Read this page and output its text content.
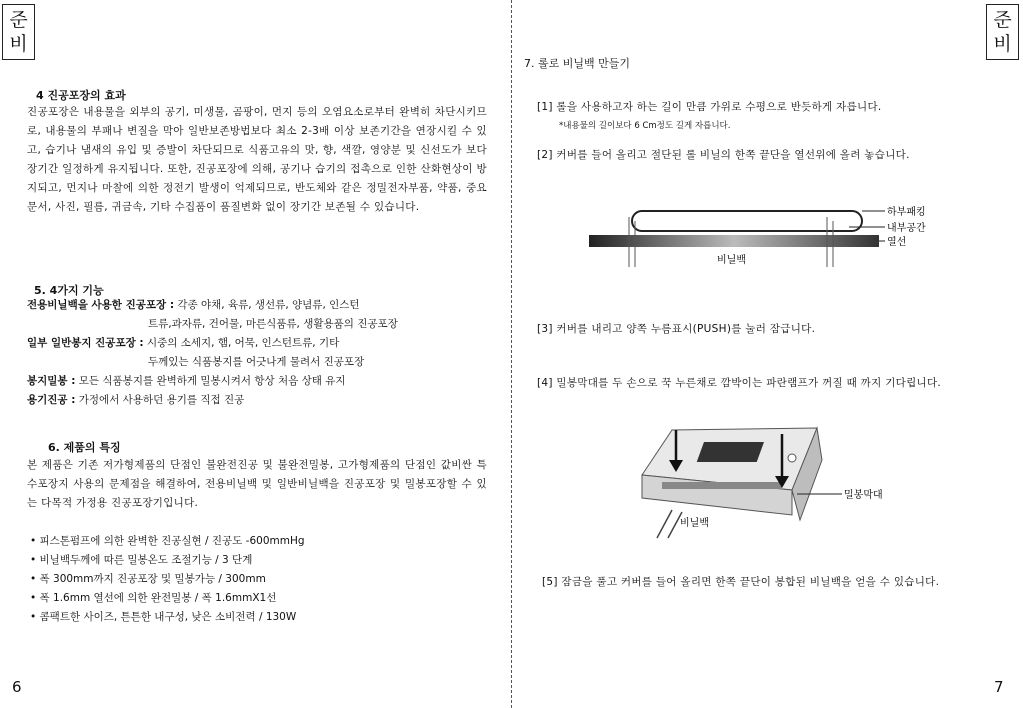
준
비
4 진공포장의 효과
진공포장은 내용물을 외부의 공기, 미생물, 곰팡이, 먼지 등의 오염요소로부터 완벽히 차단시키므로, 내용물의 부패나 변질을 막아 일반보존방법보다 최소 2-3배 이상 보존기간을 연장시킬 수 있고, 습기나 냄새의 유입 및 증발이 차단되므로 식품고유의 맛, 향, 색깔, 영양분 및 신선도가 보다 장기간 일정하게 유지됩니다. 또한, 진공포장에 의해, 공기나 습기의 접촉으로 인한 산화현상이 방지되고, 먼지나 마찰에 의한 정전기 발생이 억제되므로, 반도체와 같은 정밀전자부품, 약품, 중요문서, 사진, 필름, 귀금속, 기타 수집품이 품질변화 없이 장기간 보존될 수 있습니다.
5. 4가지 기능
전용비닐백을 사용한 진공포장 : 각종 야채, 육류, 생선류, 양념류, 인스턴
트류,과자류, 건어물, 마른식품류, 생활용품의 진공포장
일부 일반봉지 진공포장 : 시중의 소세지, 햄, 어묵, 인스턴트류, 기타
두께있는 식품봉지를 어긋나게 물려서 진공포장
봉지밀봉 : 모든 식품봉지를 완벽하게 밀봉시켜서 항상 처음 상태 유지
용기진공 : 가정에서 사용하던 용기를 직접 진공
6. 제품의 특징
본 제품은 기존 저가형제품의 단점인 불완전진공 및 불완전밀봉, 고가형제품의 단점인 값비싼 특수포장지 사용의 문제점을 해결하여, 전용비닐백 및 일반비닐백을 진공포장 및 밀봉포장할 수 있는 다목적 가정용 진공포장기입니다.
• 피스톤펌프에 의한 완벽한 진공실현 / 진공도 -600mmHg
• 비닐백두께에 따른 밀봉온도 조절기능 / 3 단계
• 폭 300mm까지 진공포장 및 밀봉가능 / 300mm
• 폭 1.6mm 열선에 의한 완전밀봉 / 폭 1.6mmX1선
• 콤팩트한 사이즈, 튼튼한 내구성, 낮은 소비전력 / 130W
6
준
비
7. 롤로 비닐백 만들기
[1] 롤을 사용하고자 하는 길이 만큼 가위로 수평으로 반듯하게 자릅니다.
*내용물의 길이보다 6 Cm정도 길게 자릅니다.
[2] 커버를 들어 올리고 절단된 롤 비닐의 한쪽 끝단을 열선위에 올려 놓습니다.
하부패킹
내부공간
열선
비닐백
[3] 커버를 내리고 양쪽 누름표시(PUSH)를 눌러 잠급니다.
[4] 밀봉막대를 두 손으로 꾹 누른채로 깜박이는 파란램프가 꺼질 때 까지 기다립니다.
밀봉막대
비닐백
[5] 잠금을 풀고 커버를 들어 올리면 한쪽 끝단이 봉합된 비닐백을 얻을 수 있습니다.
7
